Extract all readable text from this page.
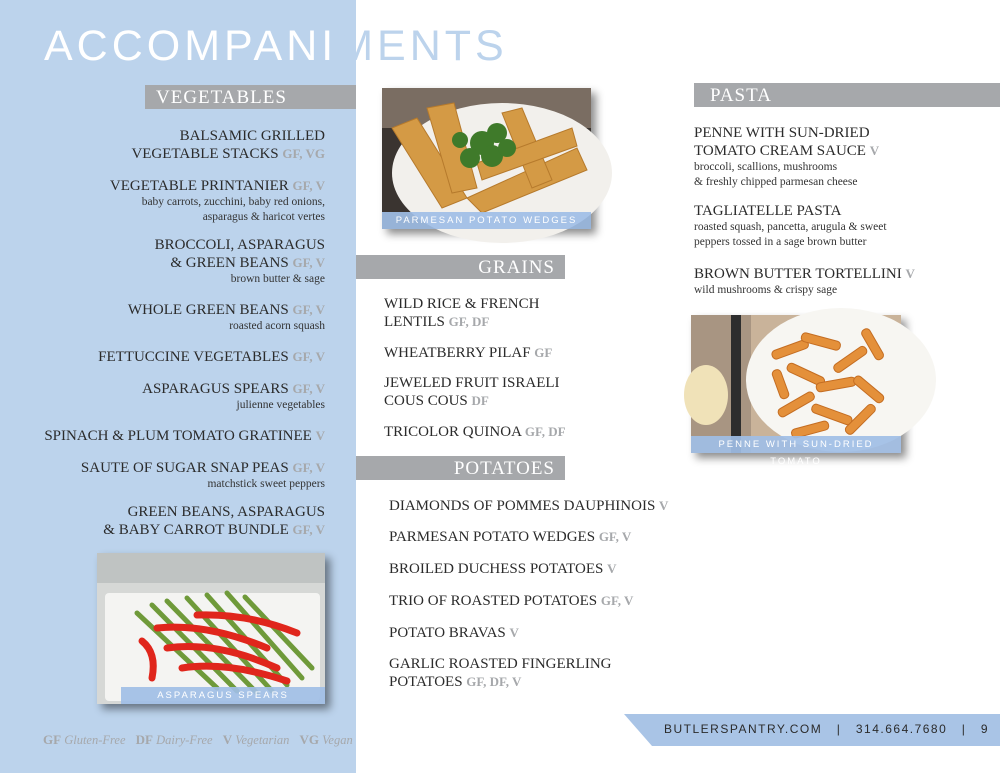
ACCOMPANIMENTS
VEGETABLES
BALSAMIC GRILLED
VEGETABLE STACKS GF, VG
VEGETABLE PRINTANIER GF, V
baby carrots, zucchini, baby red onions,
asparagus & haricot vertes
BROCCOLI, ASPARAGUS
& GREEN BEANS GF, V
brown butter & sage
WHOLE GREEN BEANS GF, V
roasted acorn squash
FETTUCCINE VEGETABLES GF, V
ASPARAGUS SPEARS GF, V
julienne vegetables
SPINACH & PLUM TOMATO GRATINEE V
SAUTE OF SUGAR SNAP PEAS GF, V
matchstick sweet peppers
GREEN BEANS, ASPARAGUS
& BABY CARROT BUNDLE GF, V
ASPARAGUS SPEARS
GF Gluten-Free DF Dairy-Free V Vegetarian VG Vegan
PARMESAN POTATO WEDGES
GRAINS
WILD RICE & FRENCH
LENTILS GF, DF
WHEATBERRY PILAF GF
JEWELED FRUIT ISRAELI
COUS COUS DF
TRICOLOR QUINOA GF, DF
POTATOES
DIAMONDS OF POMMES DAUPHINOIS V
PARMESAN POTATO WEDGES GF, V
BROILED DUCHESS POTATOES V
TRIO OF ROASTED POTATOES GF, V
POTATO BRAVAS V
GARLIC ROASTED FINGERLING
POTATOES GF, DF, V
PASTA
PENNE WITH SUN-DRIED
TOMATO CREAM SAUCE V
broccoli, scallions, mushrooms
& freshly chipped parmesan cheese
TAGLIATELLE PASTA
roasted squash, pancetta, arugula & sweet
peppers tossed in a sage brown butter
BROWN BUTTER TORTELLINI V
wild mushrooms & crispy sage
PENNE WITH SUN-DRIED TOMATO
BUTLERSPANTRY.COM | 314.664.7680 | 9
